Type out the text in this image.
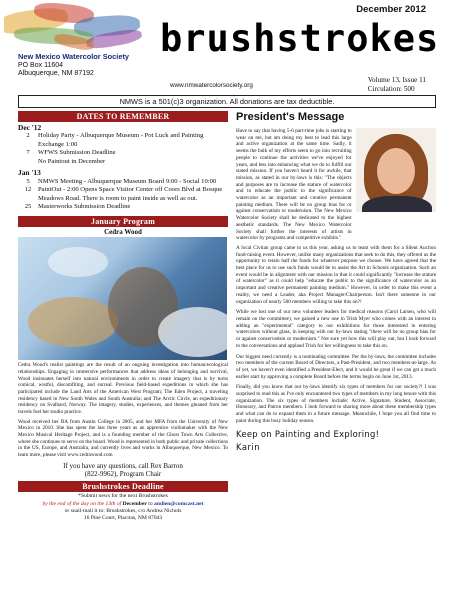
New Mexico Watercolor Society
PO Box 11604
Albuquerque, NM 87192
December 2012
brushstrokes
www.nmwatercolorsociety.org
Volume 13, Issue 11
Circulation: 500
NMWS is a 501(c)3 organization. All donations are tax deductible.
DATES TO REMEMBER
Dec '12
2	Holiday Party - Albuquerque Museum - Pot Luck and Painting Exchange 1:00
7	WFWS Submission Deadline
No Paintout in December
Jan '13
5	NMWS Meeting - Albuquerque Museum Board 9:00 - Social 10:00
12	PaintOut - 2:00 Opens Space Visitor Center off Coors Blvd at Bosque Meadows Road. There is room to paint inside as well as out.
25	Masterworks Submission Deadline
January Program
Cedra Wood

Cedra Wood's realist paintings are the result of an ongoing investigation into human/ecological relationships. Engaging in immersive performances that address ideas of belonging and survival, Wood insinuates herself into natural environments in order to create imagery that is by turns comical, wistful, discomfiting, and surreal. Previous field-based expeditions in which she has participated include the Land Arts of the American West Program; The Eden Project, a traveling residency based in New South Wales and South Australia; and The Arctic Circle, an expeditionary residency on Svalbard, Norway. The imagery, studies, experiences, and themes gleaned from her travels fuel her studio practice.

Wood received her BA from Austin College in 2005, and her MFA from the University of New Mexico in 2010. She has spent the last three years as an apprentice violinmaker with the New Mexico Musical Heritage Project, and is a founding member of the Ghost Town Arts Collective, where she continues to serve on the board. Wood is represented in both public and private collections in the US, Europe, and Australia, and currently lives and works in Albuquerque, New Mexico. To learn more, please visit www.cedrawood.com

If you have any questions, call Rex Barron
(822-9962), Program Chair
Brushstrokes Deadline
*Submit news for the next Brushstrokes
by the end of the day on the 13th of December to andien@comcast.net
or snail-mail it to: Brushstrokes, c/o Andrea Nichols
16 Pine Court, Placitas, NM 87043
President's Message
Have to say that having 5-6 part-time jobs is starting to wear on me, but am doing my best to lead this large and active organization at the same time. Sadly, it seems the bulk of my efforts seem to go into recruiting people to continue the activities we've enjoyed for years, and less into enhancing what we do to fulfill our stated mission. If you haven't heard it for awhile, that mission, as stated in our by-laws is this: "The objects and purposes are to increase the stature of watercolor and to educate the public to the significance of watercolor as an important and creative permanent painting medium. There will be no group bias for or against conservatism or modernism. The New Mexico Watercolor Society shall be dedicated to the highest aesthetic standards. The New Mexico Watercolor Society shall further the interests of artists in watercolor by programs and competitive exhibits."

A local Civitan group came to us this year, asking us to team with them for a Silent Auction fund-raising event. However, unlike many organizations that seek to do this, they offered us the opportunity to retain half the funds for whatever purpose we choose. We have agreed that the best place for us to use such funds would be to assist the Art in Schools organization. Such an event would be in alignment with our mission in that it could significantly "increase the stature of watercolor" as it could help "educate the public to the significance of watercolor as an important and creative permanent painting medium." However, in order to make this event a reality, we need a Leader, aka Project Manager/Chairperson. Isn't there someone in our organization of nearly 500 members willing to take this on?!

While we lost one of our new volunteer leaders for medical reasons (Carol Larsen, who will remain on the committee), we gained a new one in Trish Myer who comes with an interest in adding an "experimental" category to our exhibitions for those interested in entering watercolors without glass, in keeping with our by-laws stating "there will be no group bias for or against conservatism or modernism." Not sure yet how this will play out, but I look forward to the conversations and applaud Trish for her willingness to take this on.

Our biggest need currently is a nominating committee. Per the by-laws, the committee includes two members of the current Board of Directors, a Past-President, and two members-at-large. As of yet, we haven't even identified a President-Elect, and it would be great if we can get a much earlier start by approving a complete Board before the terms begin on June 1st, 2013.

Finally, did you know that our by-laws identify six types of members for our society?! I was surprised to read this as I've only encountered two types of members in my long tenure with this organization. The six types of members include: Active, Signature, Student, Associate, Honorary, and Patron members. I look forward to sharing more about these membership types and what can do to expand them in a future message. Meanwhile, I hope you all find time to paint during this busy holiday season.

Keep on Painting and Exploring!
Karin
